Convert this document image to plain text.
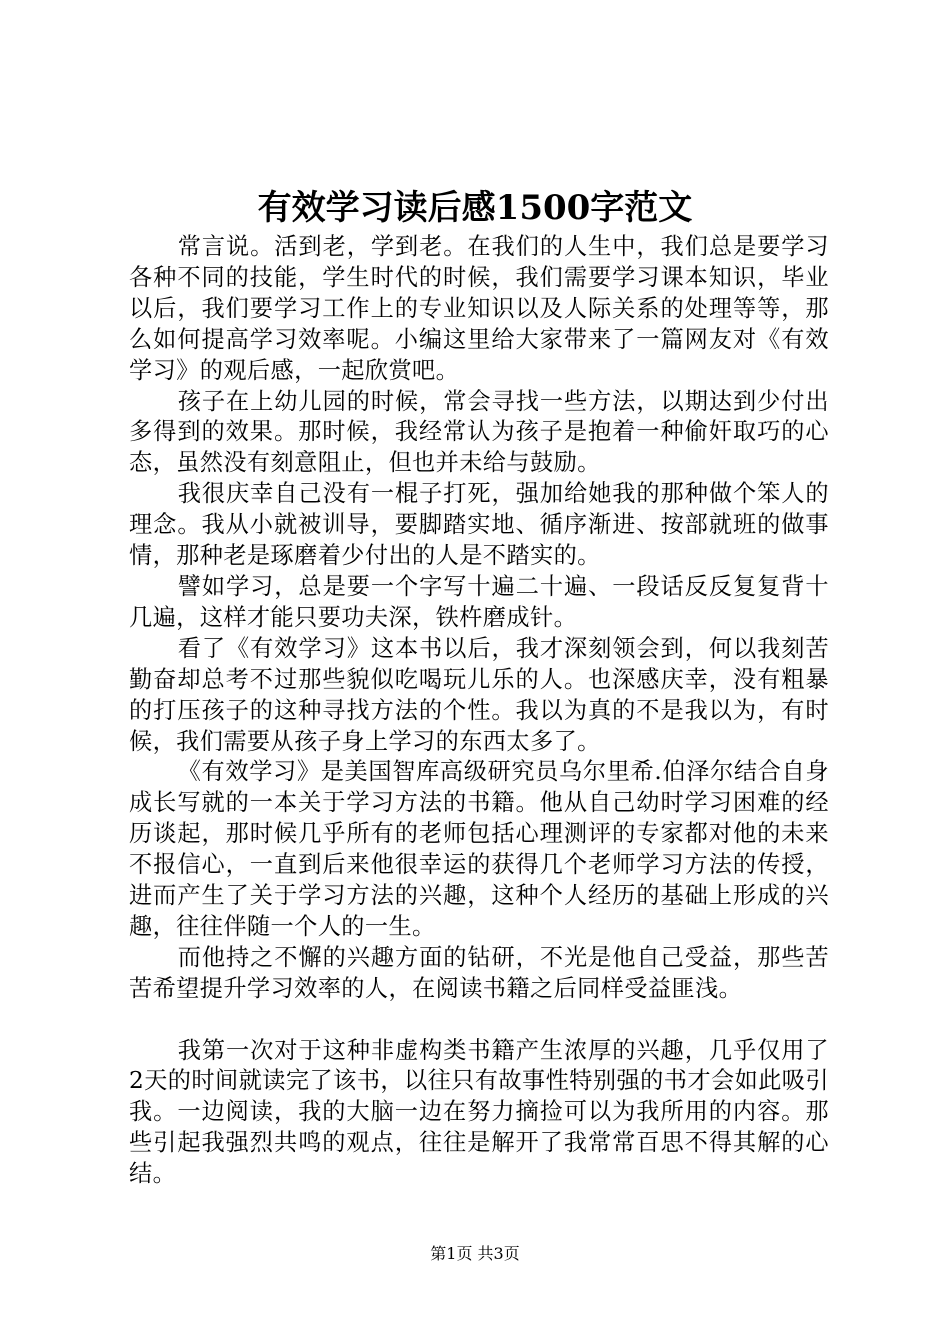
有效学习读后感1500字范文

常言说。活到老，学到老。在我们的人生中，我们总是要学习各种不同的技能，学生时代的时候，我们需要学习课本知识，毕业以后，我们要学习工作上的专业知识以及人际关系的处理等等，那么如何提高学习效率呢。小编这里给大家带来了一篇网友对《有效学习》的观后感，一起欣赏吧。

孩子在上幼儿园的时候，常会寻找一些方法，以期达到少付出多得到的效果。那时候，我经常认为孩子是抱着一种偷奸取巧的心态，虽然没有刻意阻止，但也并未给与鼓励。

我很庆幸自己没有一棍子打死，强加给她我的那种做个笨人的理念。我从小就被训导，要脚踏实地、循序渐进、按部就班的做事情，那种老是琢磨着少付出的人是不踏实的。

譬如学习，总是要一个字写十遍二十遍、一段话反反复复背十几遍，这样才能只要功夫深，铁杵磨成针。

看了《有效学习》这本书以后，我才深刻领会到，何以我刻苦勤奋却总考不过那些貌似吃喝玩儿乐的人。也深感庆幸，没有粗暴的打压孩子的这种寻找方法的个性。我以为真的不是我以为，有时候，我们需要从孩子身上学习的东西太多了。

《有效学习》是美国智库高级研究员乌尔里希.伯泽尔结合自身成长写就的一本关于学习方法的书籍。他从自己幼时学习困难的经历谈起，那时候几乎所有的老师包括心理测评的专家都对他的未来不报信心，一直到后来他很幸运的获得几个老师学习方法的传授，进而产生了关于学习方法的兴趣，这种个人经历的基础上形成的兴趣，往往伴随一个人的一生。

而他持之不懈的兴趣方面的钻研，不光是他自己受益，那些苦苦希望提升学习效率的人，在阅读书籍之后同样受益匪浅。

我第一次对于这种非虚构类书籍产生浓厚的兴趣，几乎仅用了2天的时间就读完了该书，以往只有故事性特别强的书才会如此吸引我。一边阅读，我的大脑一边在努力摘捡可以为我所用的内容。那些引起我强烈共鸣的观点，往往是解开了我常常百思不得其解的心结。

第1页 共3页
